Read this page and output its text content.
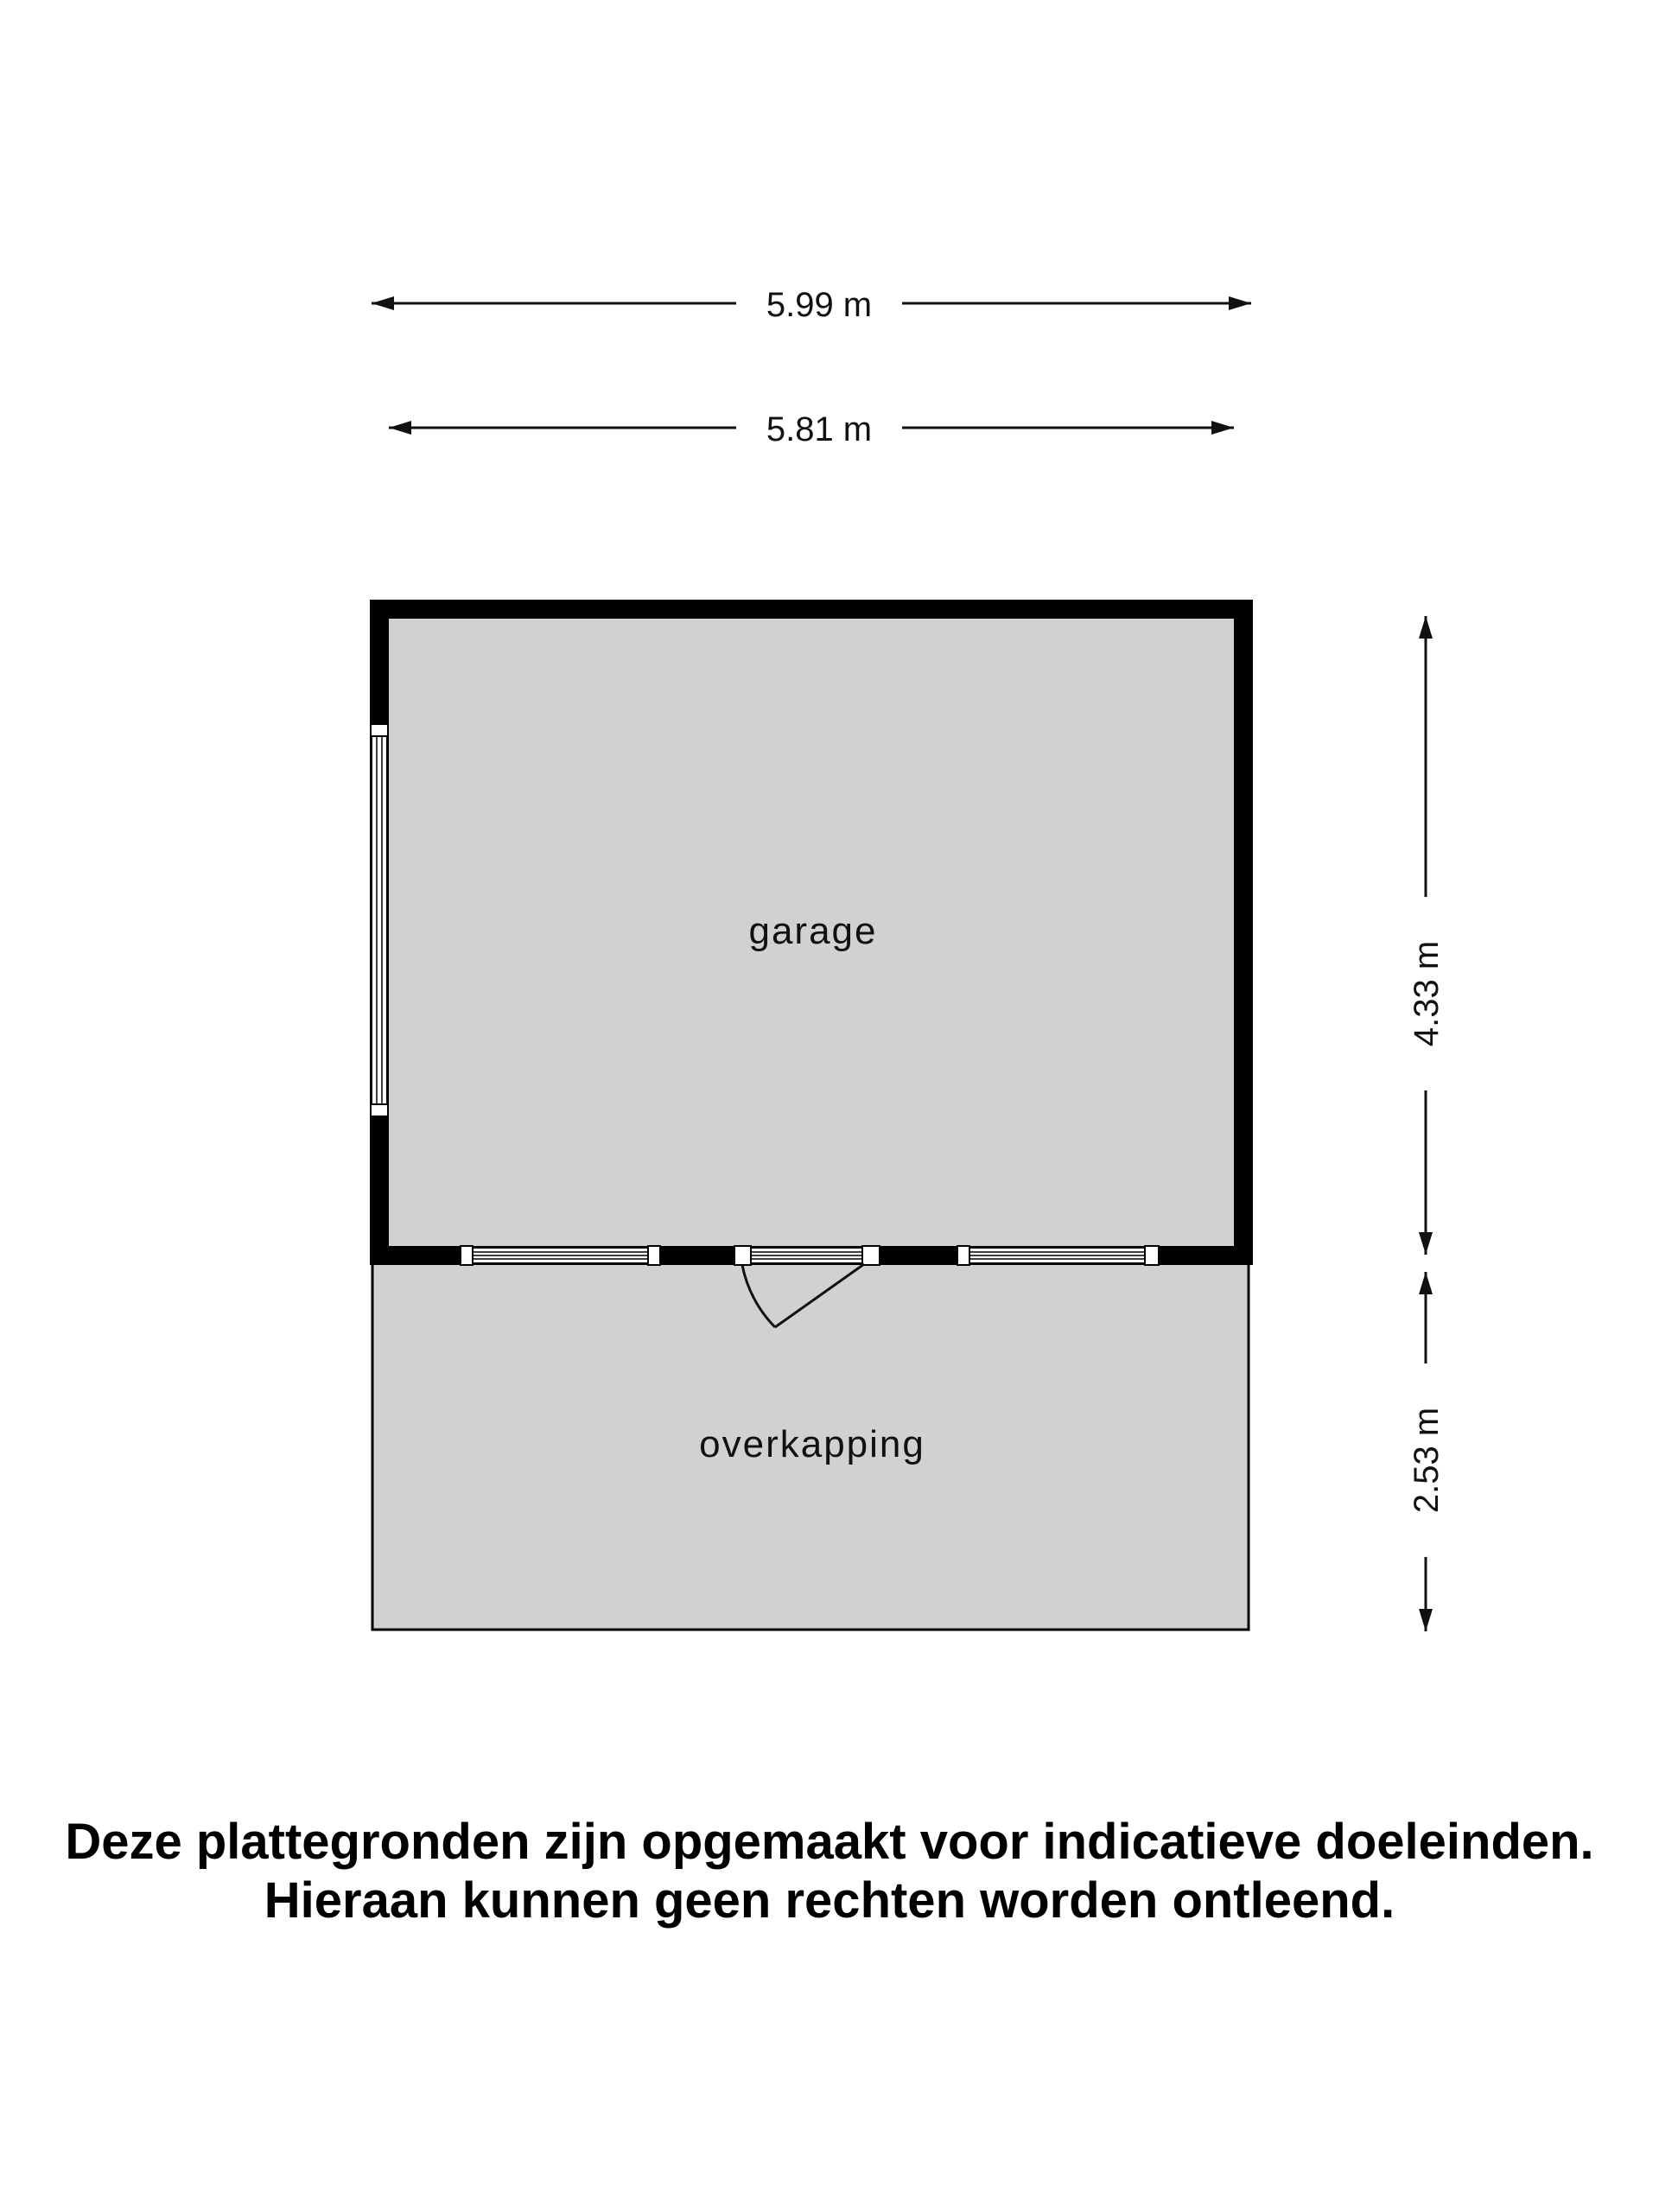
5.99 m
5.81 m
4.33 m
2.53 m
garage
overkapping
Deze plattegronden zijn opgemaakt voor indicatieve doeleinden.
Hieraan kunnen geen rechten worden ontleend.
